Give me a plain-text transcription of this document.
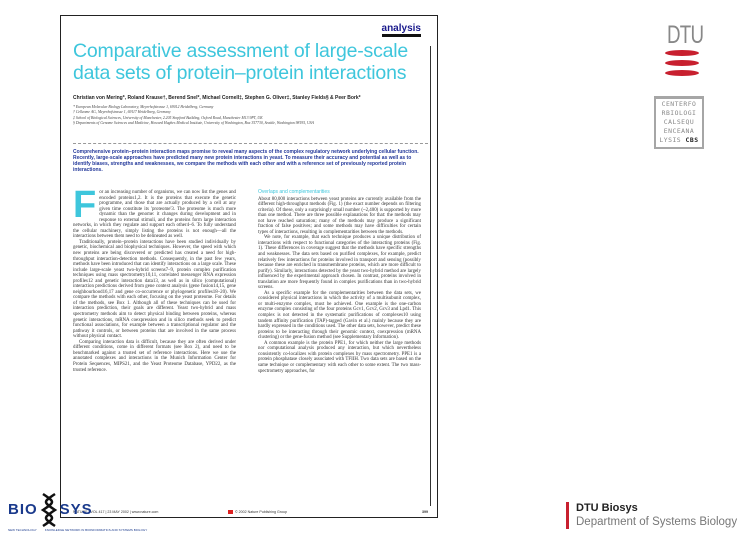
analysis
Comparative assessment of large-scale data sets of protein–protein interactions
Christian von Mering*, Roland Krause†, Berend Snel*, Michael Cornell‡, Stephen G. Oliver‡, Stanley Fields§ & Peer Bork*
* European Molecular Biology Laboratory, Meyerhofstrasse 1, 69012 Heidelberg, Germany
† Cellzome AG, Meyerhofstrasse 1, 69117 Heidelberg, Germany
‡ School of Biological Sciences, University of Manchester, 2.205 Stopford Building, Oxford Road, Manchester M13 9PT, UK
§ Departments of Genome Sciences and Medicine, Howard Hughes Medical Institute, University of Washington, Box 357730, Seattle, Washington 98195, USA
Comprehensive protein–protein interaction maps promise to reveal many aspects of the complex regulatory network underlying cellular function. Recently, large-scale approaches have predicted many new protein interactions in yeast. To measure their accuracy and potential as well as to identify biases, strengths and weaknesses, we compare the methods with each other and with a reference set of previously reported protein interactions.
F or an increasing number of organisms, we can now list the genes and encoded proteins1,2. It is the proteins that execute the genetic programme, and those that are actually produced by a cell at any given time constitute its 'proteome'3. The proteome is much more dynamic than the genome: it changes during development and in response to external stimuli, and the proteins form large interaction networks, in which they regulate and support each other4–6. To fully understand the cellular machinery, simply listing the proteins is not enough—all the interactions between them need to be delineated as well.

Traditionally, protein–protein interactions have been studied individually by genetic, biochemical and biophysical techniques. However, the speed with which new proteins are being discovered or predicted has created a need for high-throughput interaction-detection methods. Consequently, in the past few years, methods have been introduced that can identify interactions on a large scale. These include large-scale yeast two-hybrid screens7–9, protein complex purification techniques using mass spectrometry10,11, correlated messenger RNA expression profiles12 and genetic interaction data13, as well as in silico (computational) interaction predictions derived from gene context analysis (gene fusion14,15, gene neighbourhood16,17 and gene co-occurrence or phylogenetic profiles18–20). We compare the methods with each other, focusing on the yeast proteome. For details of the methods, see Box 1. Although all of these techniques can be used for interaction prediction, their goals are different. Yeast two-hybrid and mass spectrometry methods aim to detect physical binding between proteins, whereas genetic interactions, mRNA coexpression and in silico methods seek to predict functional associations, for example between a transcriptional regulator and the pathway it controls, or between proteins that are involved in the same process without physical contact.

Comparing interaction data is difficult, because they are often derived under different conditions, come in different formats (see Box 2), and need to be benchmarked against a trusted set of reference interactions. Here we use the annotated complexes and interactions in the Munich Information Center for Protein Sequences, MIPS21, and the Yeast Proteome Database, YPD22, as the trusted reference.

Overlaps and complementarities

About 80,000 interactions between yeast proteins are currently available from the different high-throughput methods (Fig. 1) (the exact number depends on filtering criteria). Of these, only a surprisingly small number (~2,400) is supported by more than one method. There are three possible explanations for that: the methods may not have reached saturation; many of the methods may produce a significant fraction of false positives; and some methods may have difficulties for certain types of interactions, resulting in complementarities between the methods.

We note, for example, that each technique produces a unique distribution of interactions with respect to functional categories of the interacting proteins (Fig. 1). These differences in coverage suggest that the methods have specific strengths and weaknesses. The data sets based on purified complexes, for example, predict relatively few interactions for proteins involved in transport and sensing (possibly because these are enriched in transmembrane proteins, which are more difficult to purify). Similarly, interactions detected by the yeast two-hybrid method are largely influenced by the experimental approach chosen. In contrast, proteins involved in translation are more frequently found in complex purifications than in two-hybrid screens.

As a specific example for the complementarities between the data sets, we considered physical interactions in which the activity of a multisubunit complex, or multi-enzyme complex, must be achieved. One example is the one-carbon enzyme complex consisting of the four proteins Gcv1, Gcv2, Gcv3 and Lpd1. This complex is not detected in the systematic purifications of complexes10 using tandem affinity purification (TAP)-tagged (Gavin et al.) mainly because they are hardly expressed in the conditions used. The other data sets, however, predict these proteins to be interacting through their genomic context, coexpression (mRNA clustering) or the gene-fusion method (see Supplementary Information).

A common example is the protein PPE1, for which neither the large methods nor computational analysis produced any interaction, but which nevertheless consistently co-localizes with protein complexes by mass spectrometry. PPE1 is a protein phosphatase closely associated with TFIIH. Two data sets are based on the same technique or complementary with each other to some extent. The two mass-spectrometry approaches, for

NATURE | VOL 417 | 23 MAY 2002 | www.nature.com	© 2002 Nature Publishing Group	399
DTU
CENTERFO
RBIOLOGI
CALSEQU
ENCEANA
LYSIS CBS
BIO SYS
NEW TECHNOLOGY	KNOWLEDGE NETWORK IN BIOINFORMATICS AND SYSTEMS BIOLOGY
DTU Biosys
Department of Systems Biology
